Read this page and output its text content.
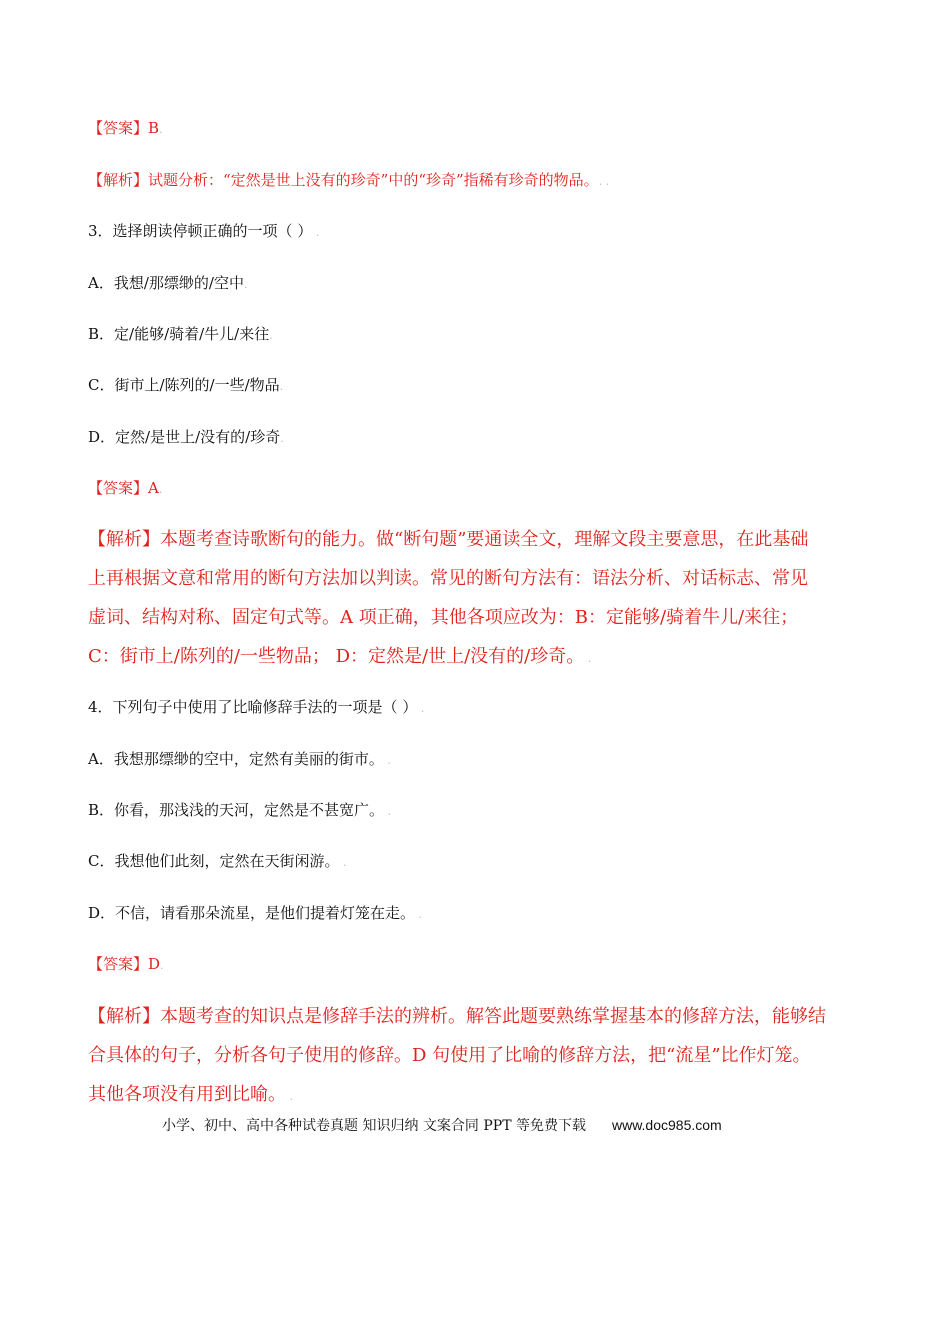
【答案】B.
【解析】试题分析：“定然是世上没有的珍奇”中的“珍奇”指稀有珍奇的物品。. .
3．选择朗读停顿正确的一项（ ） .
A．我想/那缥缈的/空中.
B．定/能够/骑着/牛儿/来往.
C．街市上/陈列的/一些/物品.
D．定然/是世上/没有的/珍奇.
【答案】A.
【解析】本题考查诗歌断句的能力。做“断句题”要通读全文，理解文段主要意思，在此基础
上再根据文意和常用的断句方法加以判读。常见的断句方法有：语法分析、对话标志、常见
虚词、结构对称、固定句式等。A 项正确，其他各项应改为：B：定能够/骑着牛儿/来往；
C：街市上/陈列的/一些物品； D：定然是/世上/没有的/珍奇。 .
4．下列句子中使用了比喻修辞手法的一项是（ ） .
A．我想那缥缈的空中，定然有美丽的街市。 .
B．你看，那浅浅的天河，定然是不甚宽广。 .
C．我想他们此刻，定然在天街闲游。 .
D．不信，请看那朵流星，是他们提着灯笼在走。 .
【答案】D.
【解析】本题考查的知识点是修辞手法的辨析。解答此题要熟练掌握基本的修辞方法，能够结
合具体的句子，分析各句子使用的修辞。D 句使用了比喻的修辞方法，把“流星”比作灯笼。
其他各项没有用到比喻。 .
小学、初中、高中各种试卷真题 知识归纳 文案合同 PPT 等免费下载 www.doc985.com
